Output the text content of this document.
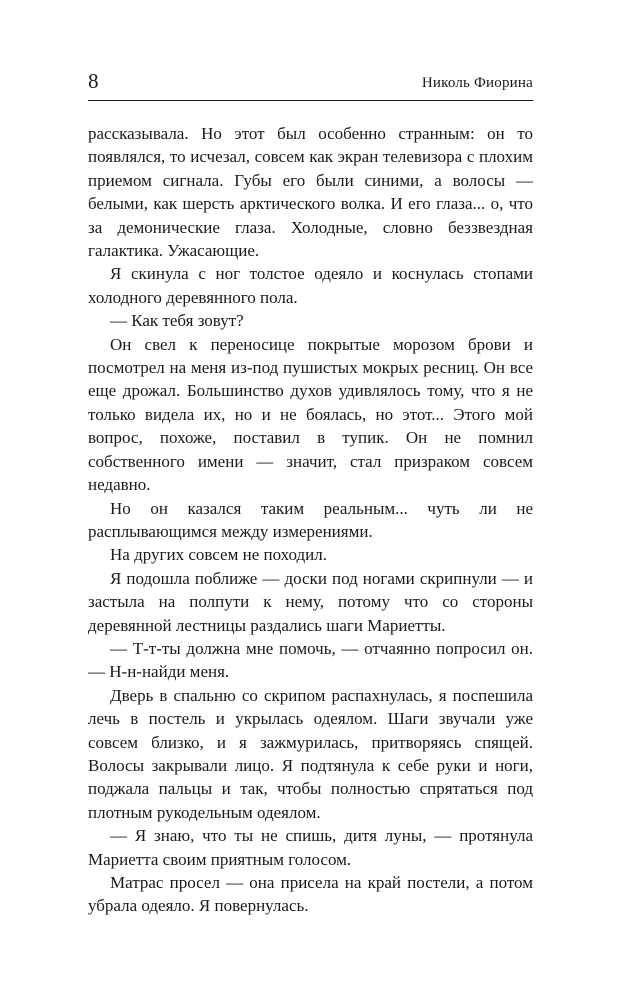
8	Николь Фиорина

рассказывала. Но этот был особенно странным: он то появлялся, то исчезал, совсем как экран телевизора с плохим приемом сигнала. Губы его были синими, а волосы — белыми, как шерсть арктического волка. И его глаза... о, что за демонические глаза. Холодные, словно беззвездная галактика. Ужасающие.

Я скинула с ног толстое одеяло и коснулась стопами холодного деревянного пола.

— Как тебя зовут?

Он свел к переносице покрытые морозом брови и посмотрел на меня из-под пушистых мокрых ресниц. Он все еще дрожал. Большинство духов удивлялось тому, что я не только видела их, но и не боялась, но этот... Этого мой вопрос, похоже, поставил в тупик. Он не помнил собственного имени — значит, стал призраком совсем недавно.

Но он казался таким реальным... чуть ли не расплывающимся между измерениями.

На других совсем не походил.

Я подошла поближе — доски под ногами скрипнули — и застыла на полпути к нему, потому что со стороны деревянной лестницы раздались шаги Мариетты.

— Т-т-ты должна мне помочь, — отчаянно попросил он. — Н-н-найди меня.

Дверь в спальню со скрипом распахнулась, я поспешила лечь в постель и укрылась одеялом. Шаги звучали уже совсем близко, и я зажмурилась, притворяясь спящей. Волосы закрывали лицо. Я подтянула к себе руки и ноги, поджала пальцы и так, чтобы полностью спрятаться под плотным рукодельным одеялом.

— Я знаю, что ты не спишь, дитя луны, — протянула Мариетта своим приятным голосом.

Матрас просел — она присела на край постели, а потом убрала одеяло. Я повернулась.
